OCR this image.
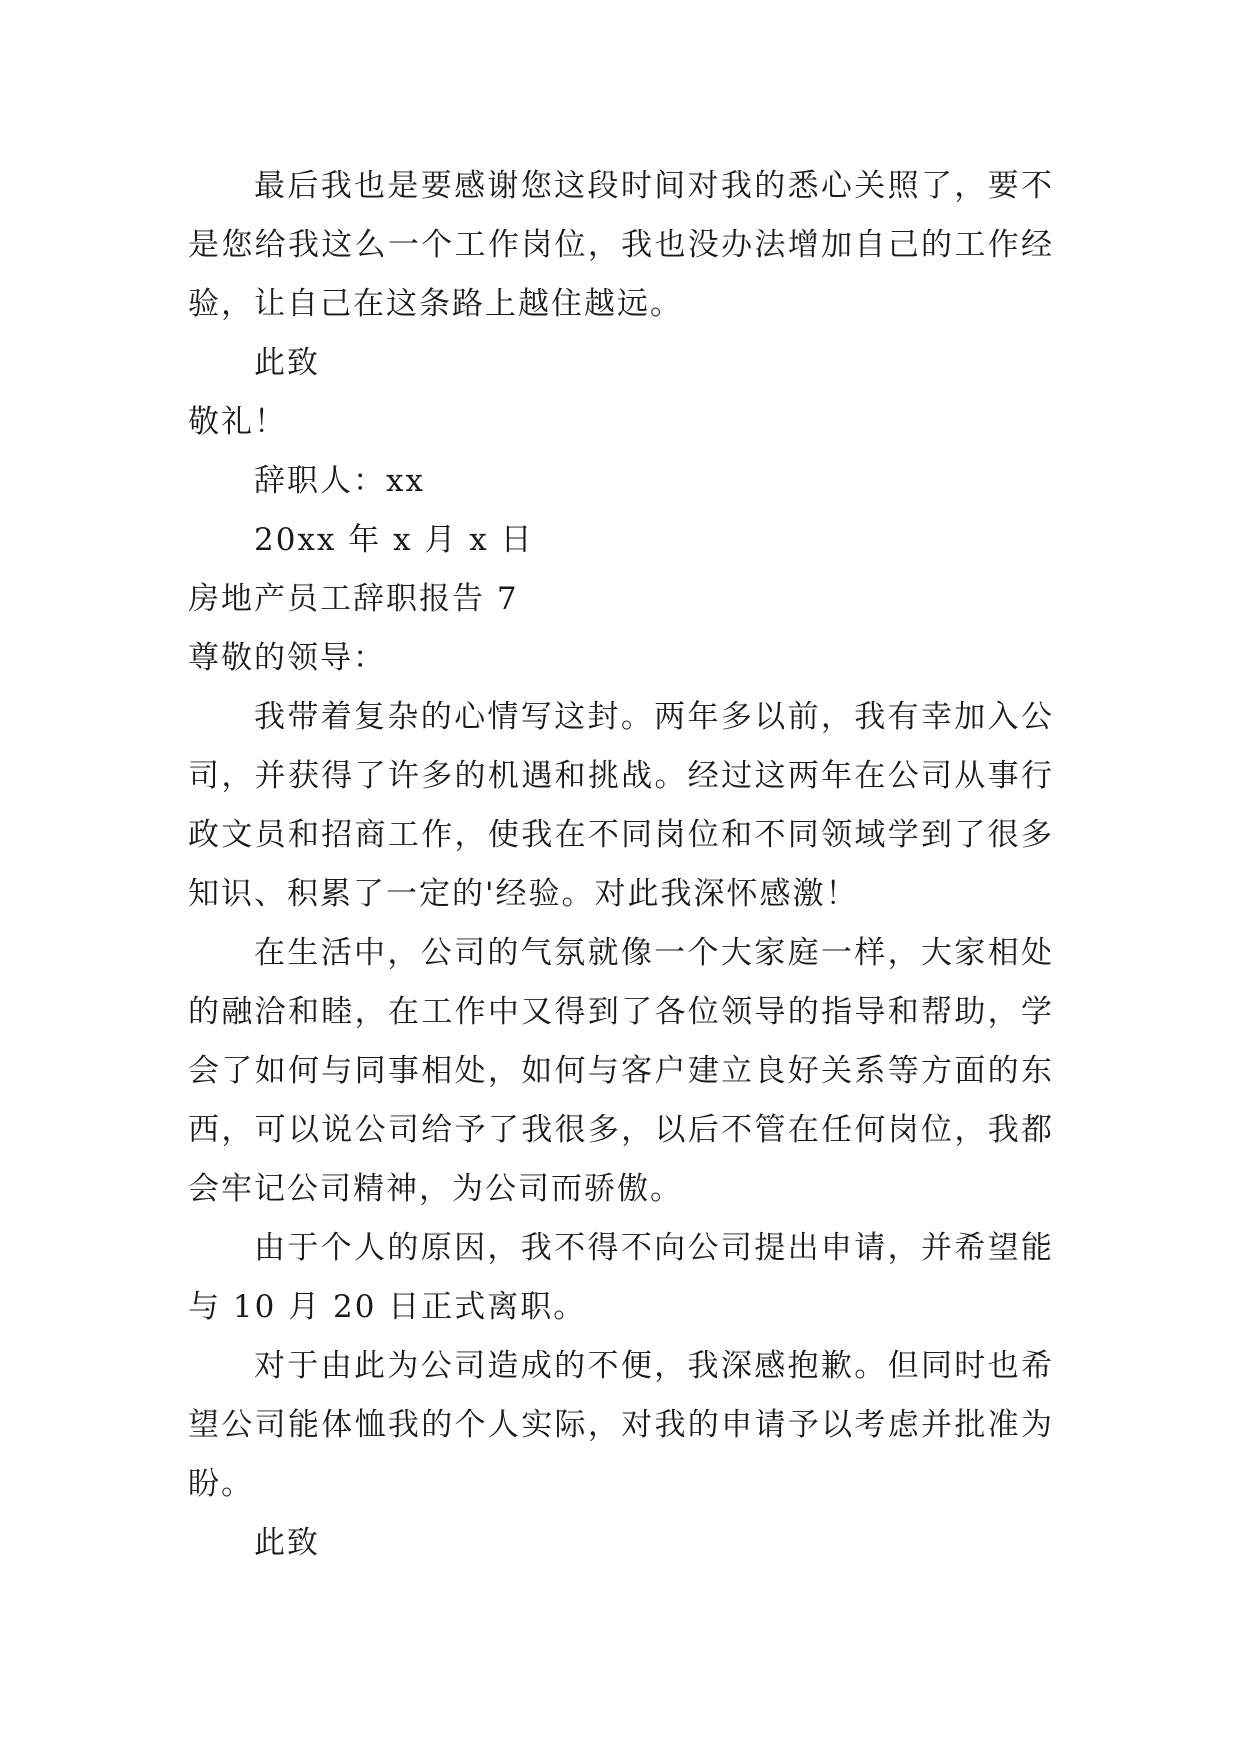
最后我也是要感谢您这段时间对我的悉心关照了，要不是您给我这么一个工作岗位，我也没办法增加自己的工作经验，让自己在这条路上越住越远。

此致

敬礼！

辞职人：xx

20xx 年 x 月 x 日

房地产员工辞职报告 7

尊敬的领导：

我带着复杂的心情写这封。两年多以前，我有幸加入公司，并获得了许多的机遇和挑战。经过这两年在公司从事行政文员和招商工作，使我在不同岗位和不同领域学到了很多知识、积累了一定的'经验。对此我深怀感激！

在生活中，公司的气氛就像一个大家庭一样，大家相处的融洽和睦，在工作中又得到了各位领导的指导和帮助，学会了如何与同事相处，如何与客户建立良好关系等方面的东西，可以说公司给予了我很多，以后不管在任何岗位，我都会牢记公司精神，为公司而骄傲。

由于个人的原因，我不得不向公司提出申请，并希望能与 10 月 20 日正式离职。

对于由此为公司造成的不便，我深感抱歉。但同时也希望公司能体恤我的个人实际，对我的申请予以考虑并批准为盼。

此致
